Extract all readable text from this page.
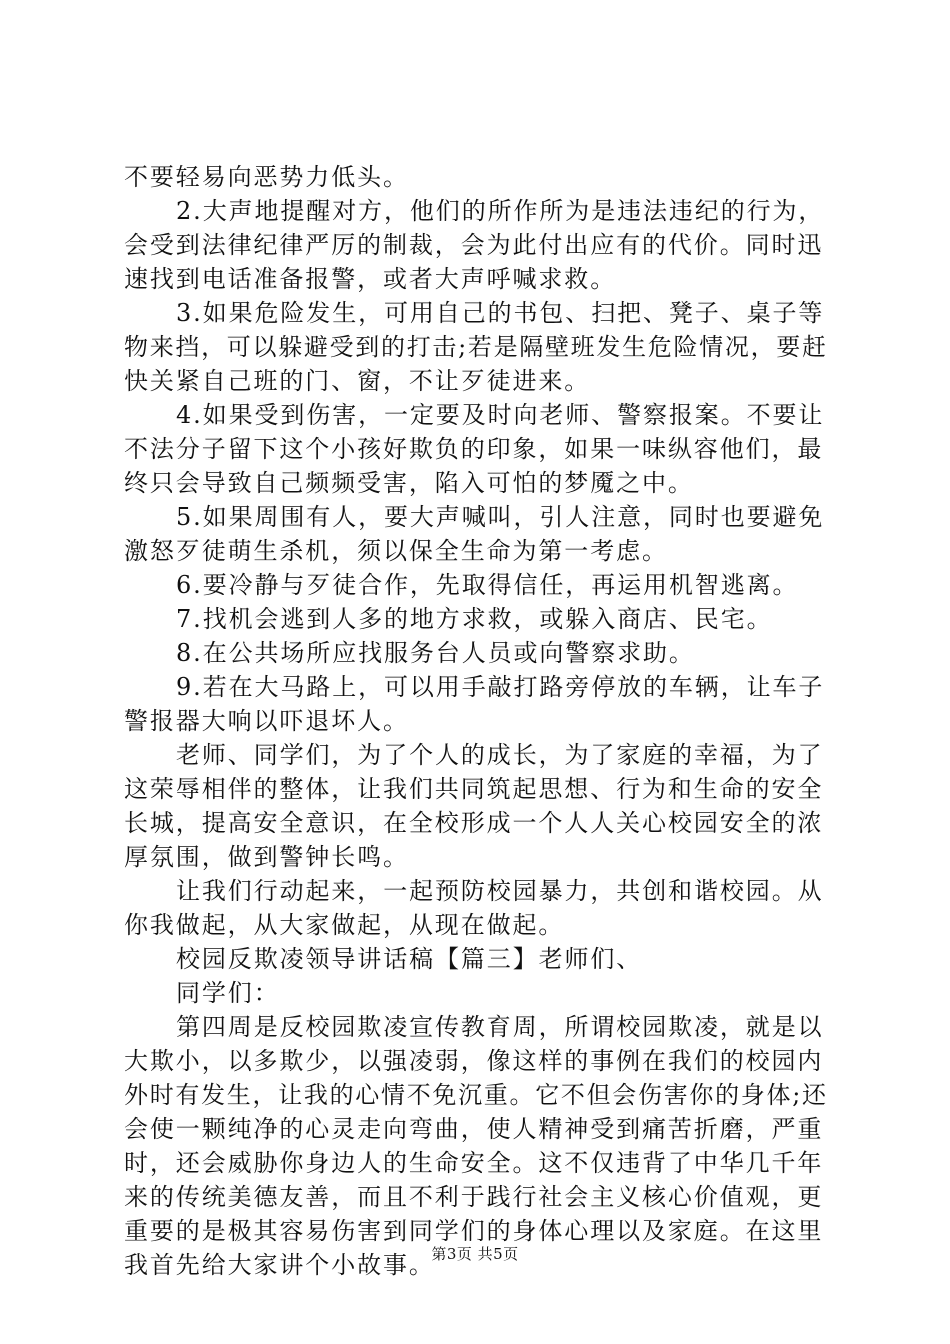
不要轻易向恶势力低头。

2.大声地提醒对方，他们的所作所为是违法违纪的行为，

会受到法律纪律严厉的制裁，会为此付出应有的代价。同时迅

速找到电话准备报警，或者大声呼喊求救。

3.如果危险发生，可用自己的书包、扫把、凳子、桌子等

物来挡，可以躲避受到的打击;若是隔壁班发生危险情况，要赶

快关紧自己班的门、窗，不让歹徒进来。

4.如果受到伤害，一定要及时向老师、警察报案。不要让

不法分子留下这个小孩好欺负的印象，如果一味纵容他们，最

终只会导致自己频频受害，陷入可怕的梦魇之中。

5.如果周围有人，要大声喊叫，引人注意，同时也要避免

激怒歹徒萌生杀机，须以保全生命为第一考虑。

6.要冷静与歹徒合作，先取得信任，再运用机智逃离。

7.找机会逃到人多的地方求救，或躲入商店、民宅。

8.在公共场所应找服务台人员或向警察求助。

9.若在大马路上，可以用手敲打路旁停放的车辆，让车子

警报器大响以吓退坏人。

老师、同学们，为了个人的成长，为了家庭的幸福，为了

这荣辱相伴的整体，让我们共同筑起思想、行为和生命的安全

长城，提高安全意识，在全校形成一个人人关心校园安全的浓

厚氛围，做到警钟长鸣。

让我们行动起来，一起预防校园暴力，共创和谐校园。从

你我做起，从大家做起，从现在做起。

校园反欺凌领导讲话稿【篇三】老师们、

同学们：

第四周是反校园欺凌宣传教育周，所谓校园欺凌，就是以

大欺小，以多欺少，以强凌弱，像这样的事例在我们的校园内

外时有发生，让我的心情不免沉重。它不但会伤害你的身体;还

会使一颗纯净的心灵走向弯曲，使人精神受到痛苦折磨，严重

时，还会威胁你身边人的生命安全。这不仅违背了中华几千年

来的传统美德友善，而且不利于践行社会主义核心价值观，更

重要的是极其容易伤害到同学们的身体心理以及家庭。在这里

我首先给大家讲个小故事。

第3页 共5页
